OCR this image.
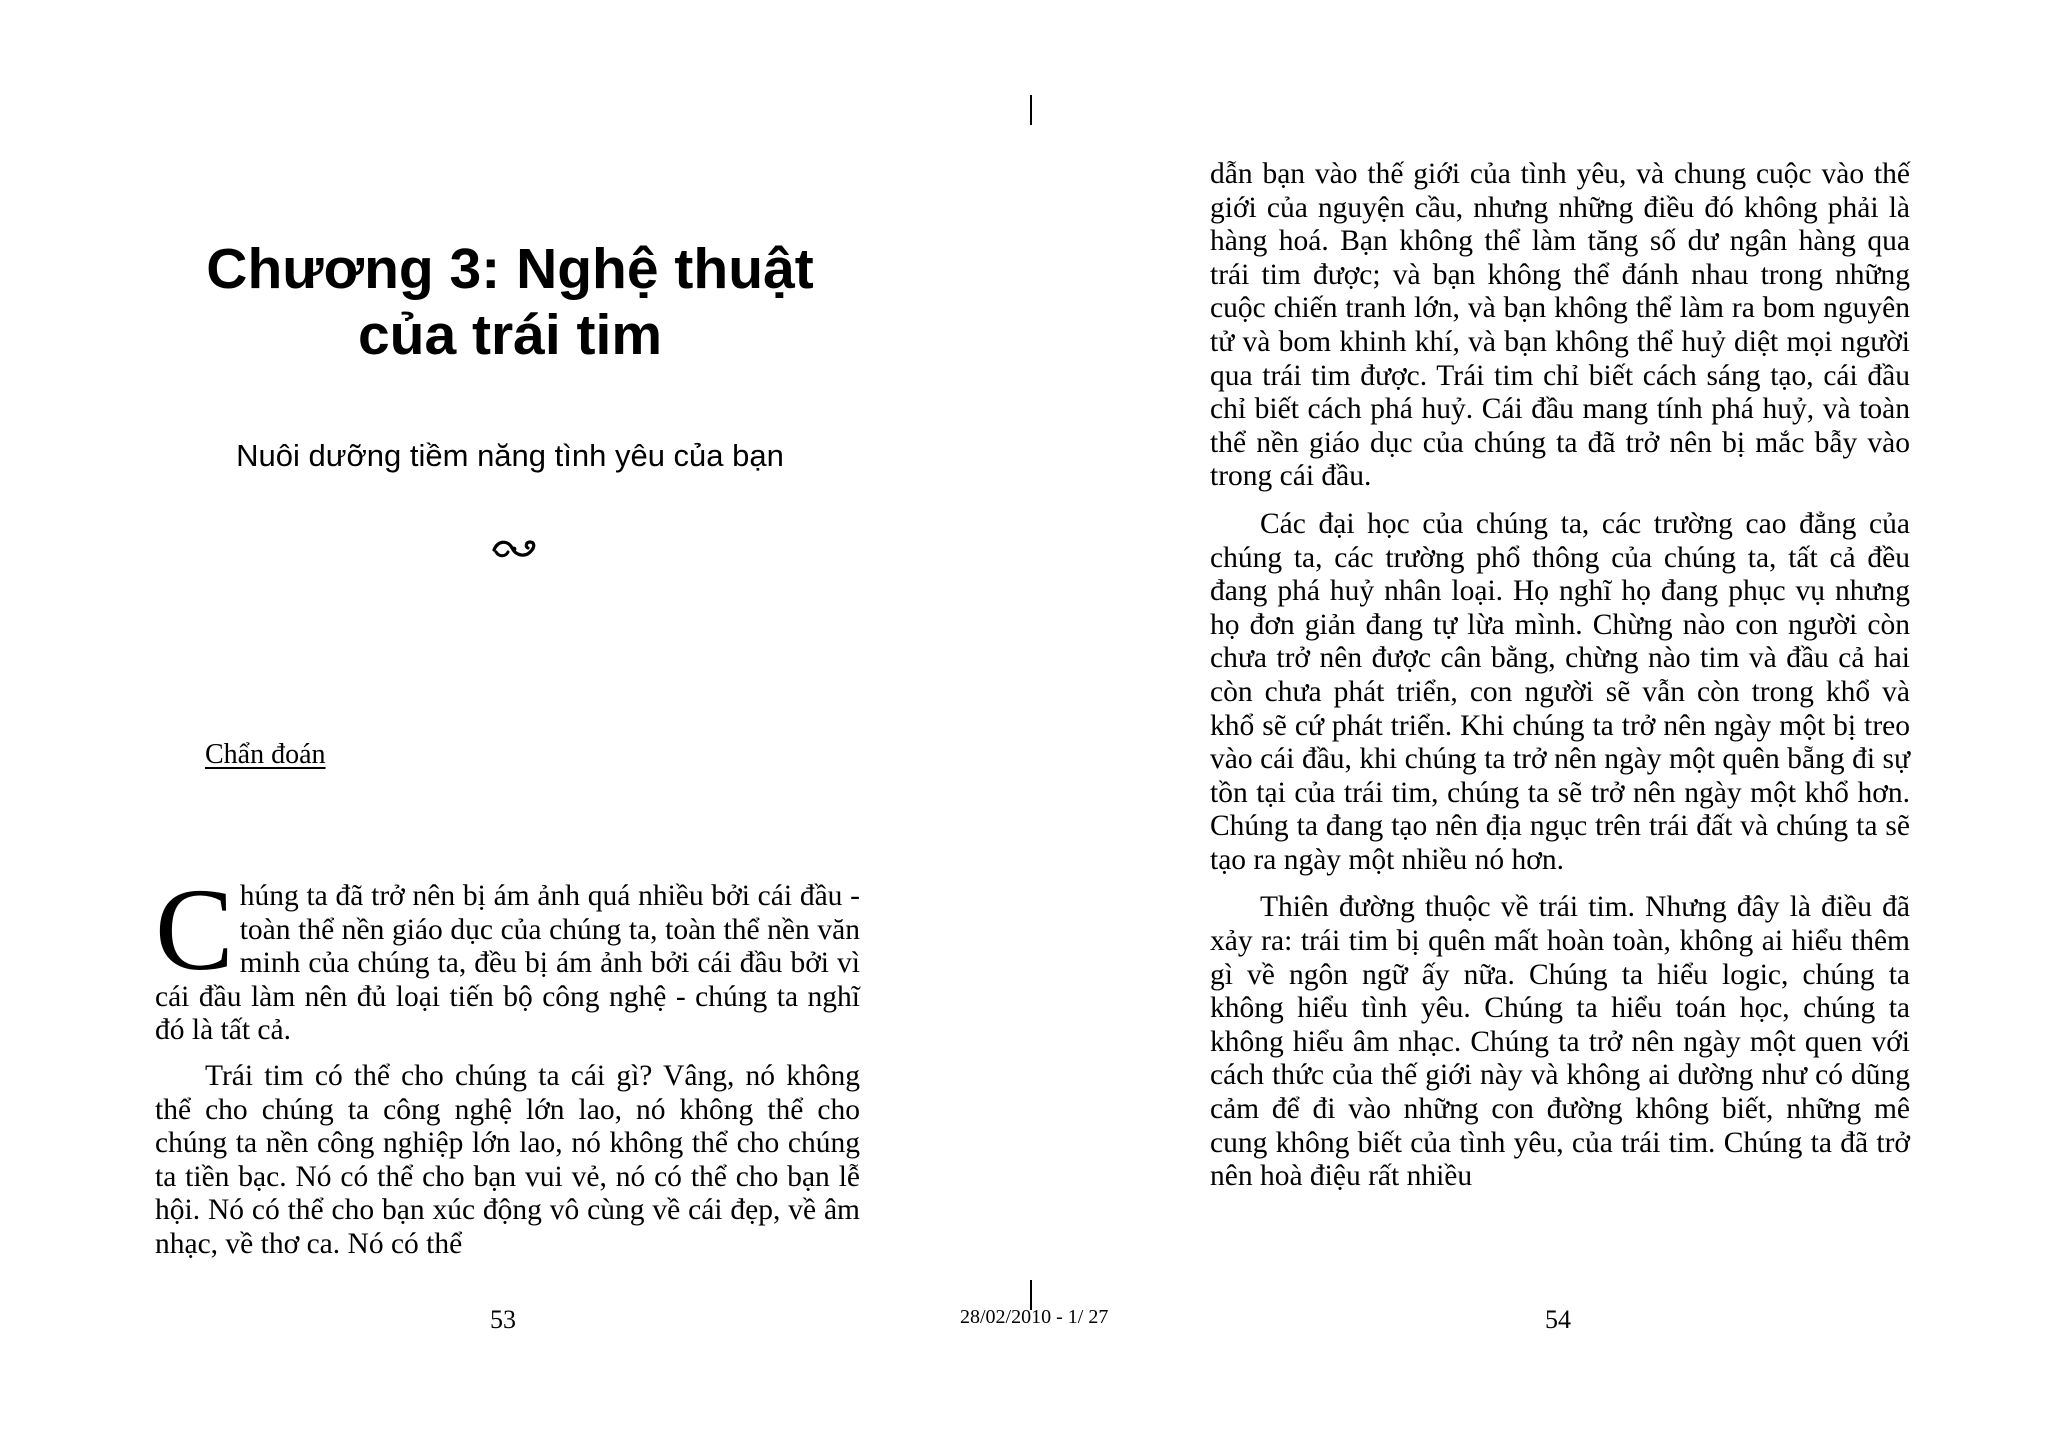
Chương 3: Nghệ thuật
của trái tim
Nuôi dưỡng tiềm năng tình yêu của bạn
Chẩn đoán

Chúng ta đã trở nên bị ám ảnh quá nhiều bởi cái đầu - toàn thể nền giáo dục của chúng ta, toàn thể nền văn minh của chúng ta, đều bị ám ảnh bởi cái đầu bởi vì cái đầu làm nên đủ loại tiến bộ công nghệ - chúng ta nghĩ đó là tất cả.

Trái tim có thể cho chúng ta cái gì? Vâng, nó không thể cho chúng ta công nghệ lớn lao, nó không thể cho chúng ta nền công nghiệp lớn lao, nó không thể cho chúng ta tiền bạc. Nó có thể cho bạn vui vẻ, nó có thể cho bạn lễ hội. Nó có thể cho bạn xúc động vô cùng về cái đẹp, về âm nhạc, về thơ ca. Nó có thể

53

dẫn bạn vào thế giới của tình yêu, và chung cuộc vào thế giới của nguyện cầu, nhưng những điều đó không phải là hàng hoá. Bạn không thể làm tăng số dư ngân hàng qua trái tim được; và bạn không thể đánh nhau trong những cuộc chiến tranh lớn, và bạn không thể làm ra bom nguyên tử và bom khinh khí, và bạn không thể huỷ diệt mọi người qua trái tim được. Trái tim chỉ biết cách sáng tạo, cái đầu chỉ biết cách phá huỷ. Cái đầu mang tính phá huỷ, và toàn thể nền giáo dục của chúng ta đã trở nên bị mắc bẫy vào trong cái đầu.

Các đại học của chúng ta, các trường cao đẳng của chúng ta, các trường phổ thông của chúng ta, tất cả đều đang phá huỷ nhân loại. Họ nghĩ họ đang phục vụ nhưng họ đơn giản đang tự lừa mình. Chừng nào con người còn chưa trở nên được cân bằng, chừng nào tim và đầu cả hai còn chưa phát triển, con người sẽ vẫn còn trong khổ và khổ sẽ cứ phát triển. Khi chúng ta trở nên ngày một bị treo vào cái đầu, khi chúng ta trở nên ngày một quên bẵng đi sự tồn tại của trái tim, chúng ta sẽ trở nên ngày một khổ hơn. Chúng ta đang tạo nên địa ngục trên trái đất và chúng ta sẽ tạo ra ngày một nhiều nó hơn.

Thiên đường thuộc về trái tim. Nhưng đây là điều đã xảy ra: trái tim bị quên mất hoàn toàn, không ai hiểu thêm gì về ngôn ngữ ấy nữa. Chúng ta hiểu logic, chúng ta không hiểu tình yêu. Chúng ta hiểu toán học, chúng ta không hiểu âm nhạc. Chúng ta trở nên ngày một quen với cách thức của thế giới này và không ai dường như có dũng cảm để đi vào những con đường không biết, những mê cung không biết của tình yêu, của trái tim. Chúng ta đã trở nên hoà điệu rất nhiều

54
28/02/2010 - 1/ 27
